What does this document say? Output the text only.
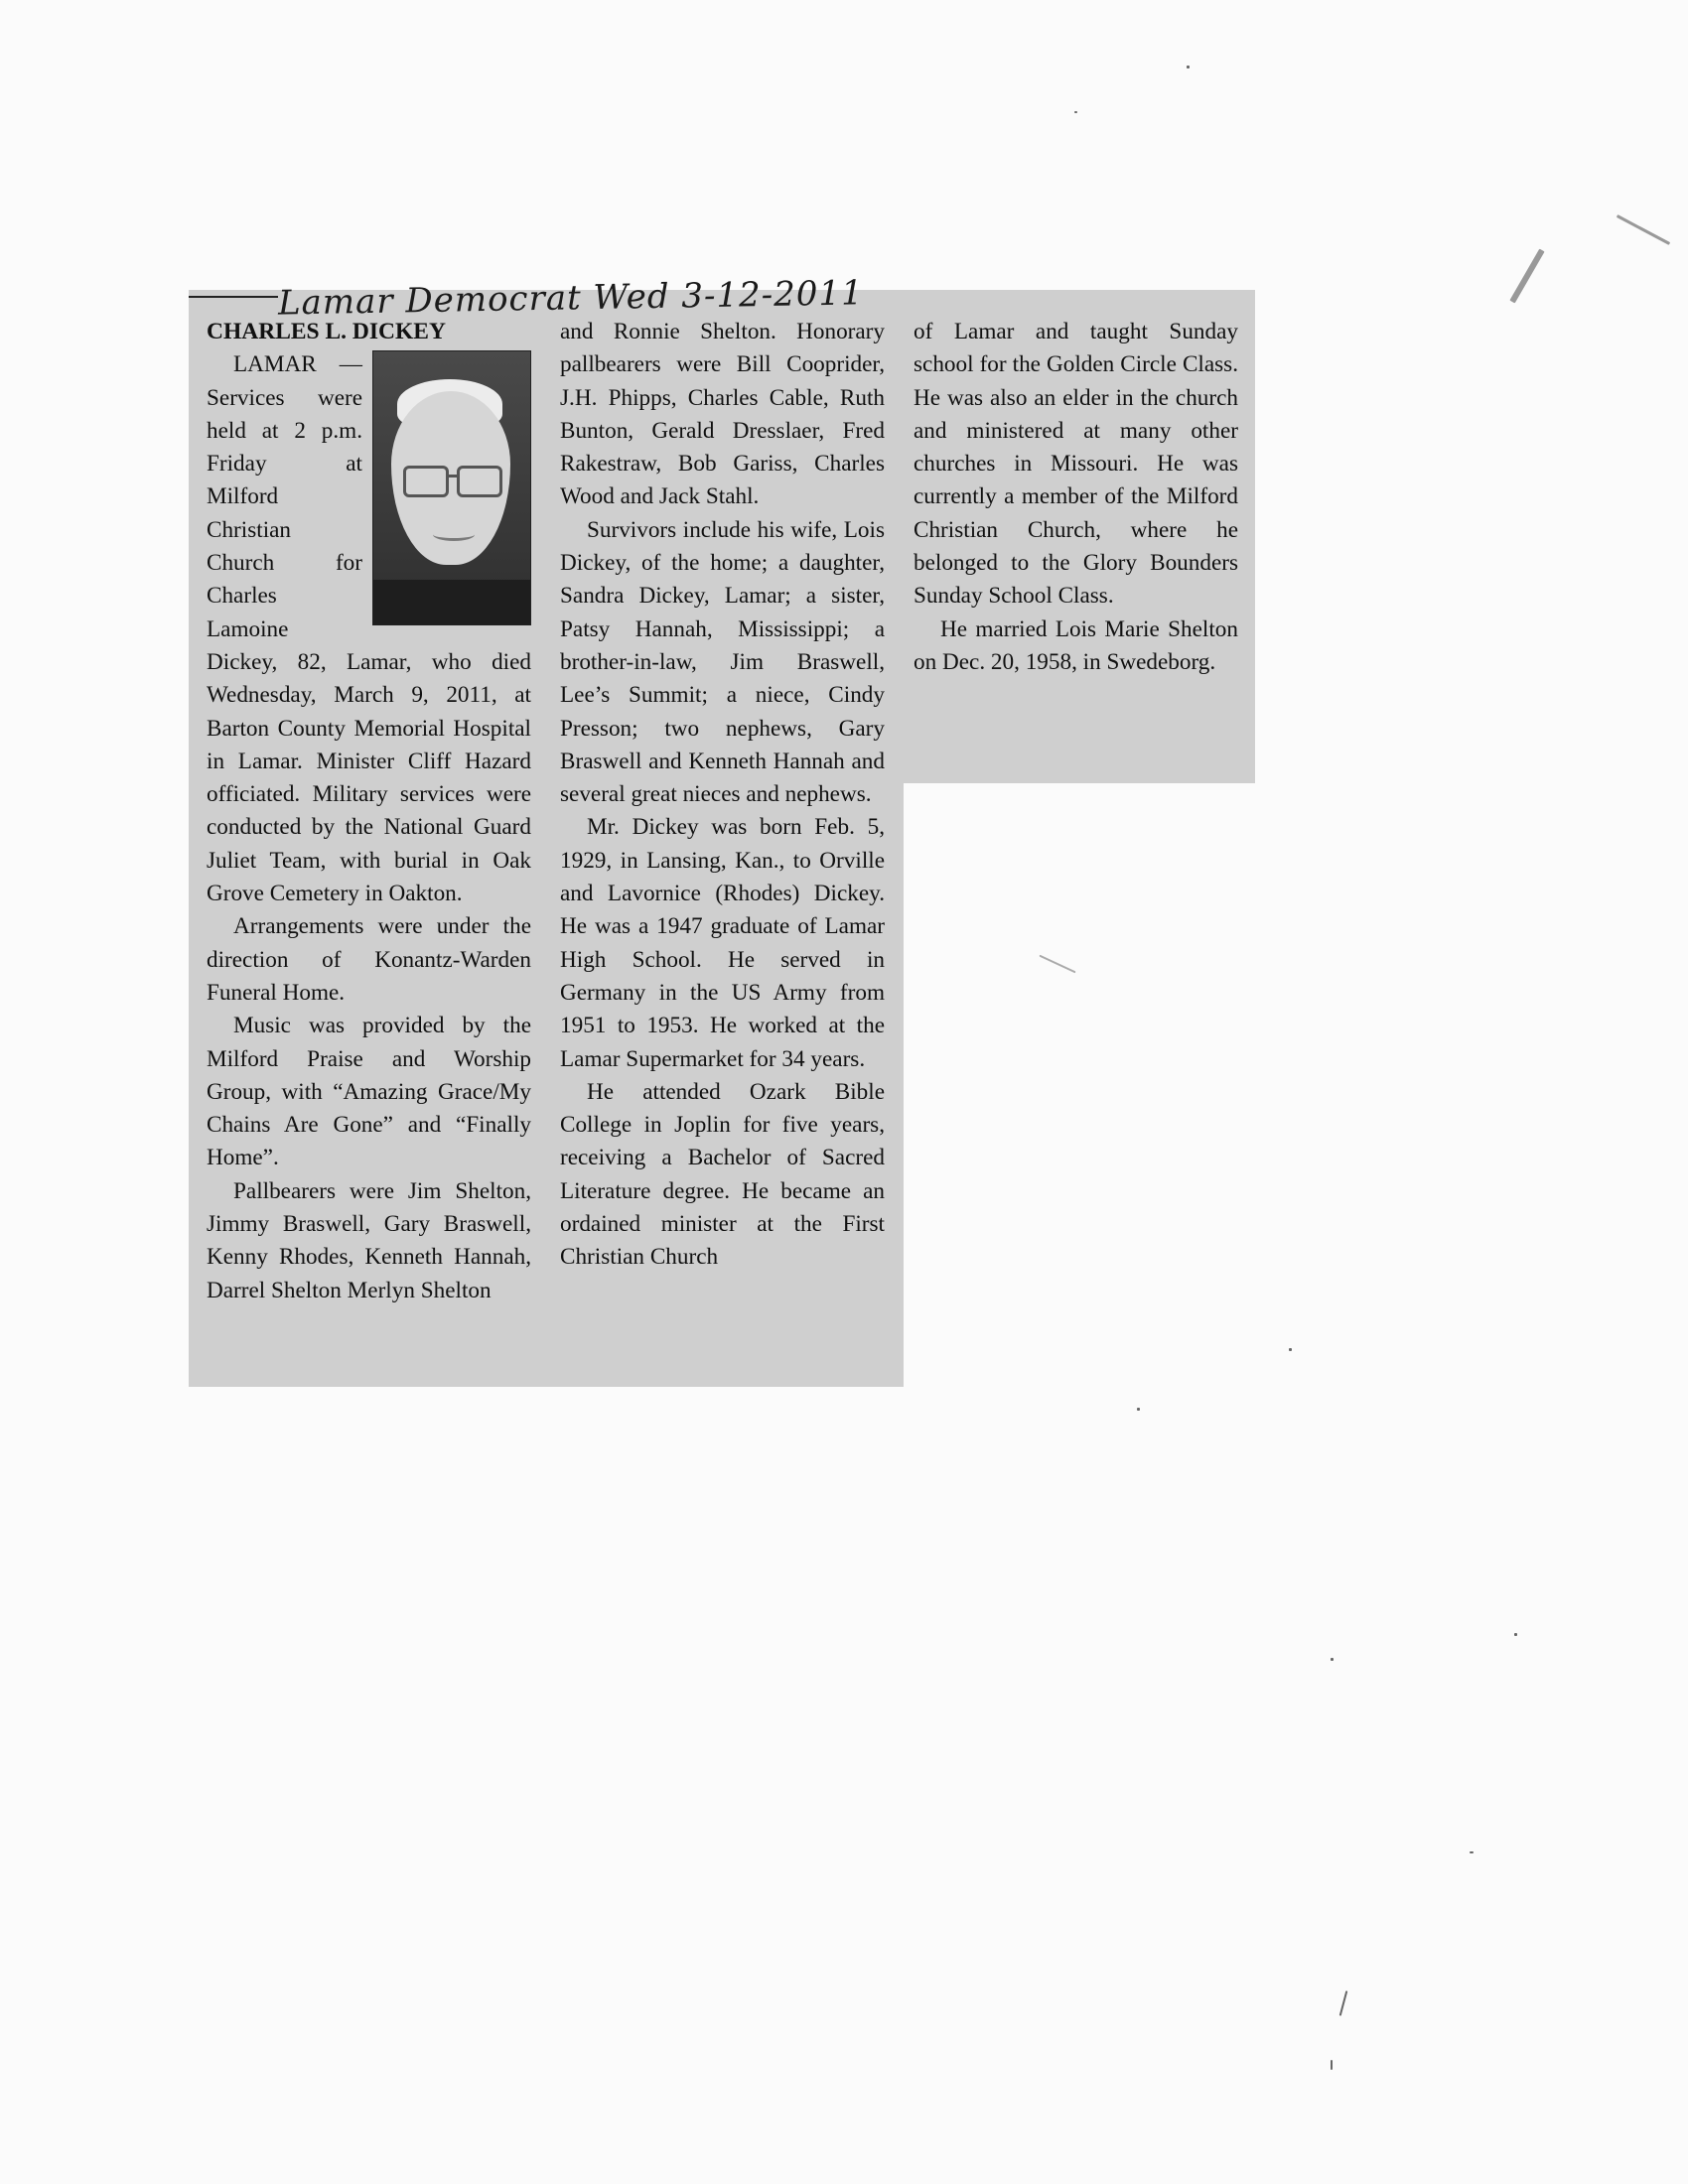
Lamar Democrat Wed 3-12-2011
CHARLES L. DICKEY

LAMAR — Services were held at 2 p.m. Friday at Milford Christian Church for Charles Lamoine Dickey, 82, Lamar, who died Wednesday, March 9, 2011, at Barton County Memorial Hospital in Lamar. Minister Cliff Hazard officiated. Military services were conducted by the National Guard Juliet Team, with burial in Oak Grove Cemetery in Oakton.

Arrangements were under the direction of Konantz-Warden Funeral Home.

Music was provided by the Milford Praise and Worship Group, with “Amazing Grace/My Chains Are Gone” and “Finally Home”.

Pallbearers were Jim Shelton, Jimmy Braswell, Gary Braswell, Kenny Rhodes, Kenneth Hannah, Darrel Shelton Merlyn Shelton

and Ronnie Shelton. Honorary pallbearers were Bill Cooprider, J.H. Phipps, Charles Cable, Ruth Bunton, Gerald Dresslaer, Fred Rakestraw, Bob Gariss, Charles Wood and Jack Stahl.

Survivors include his wife, Lois Dickey, of the home; a daughter, Sandra Dickey, Lamar; a sister, Patsy Hannah, Mississippi; a brother-in-law, Jim Braswell, Lee’s Summit; a niece, Cindy Presson; two nephews, Gary Braswell and Kenneth Hannah and several great nieces and nephews.

Mr. Dickey was born Feb. 5, 1929, in Lansing, Kan., to Orville and Lavornice (Rhodes) Dickey. He was a 1947 graduate of Lamar High School. He served in Germany in the US Army from 1951 to 1953. He worked at the Lamar Supermarket for 34 years.

He attended Ozark Bible College in Joplin for five years, receiving a Bachelor of Sacred Literature degree. He became an ordained minister at the First Christian Church

of Lamar and taught Sunday school for the Golden Circle Class. He was also an elder in the church and ministered at many other churches in Missouri. He was currently a member of the Milford Christian Church, where he belonged to the Glory Bounders Sunday School Class.

He married Lois Marie Shelton on Dec. 20, 1958, in Swedeborg.
